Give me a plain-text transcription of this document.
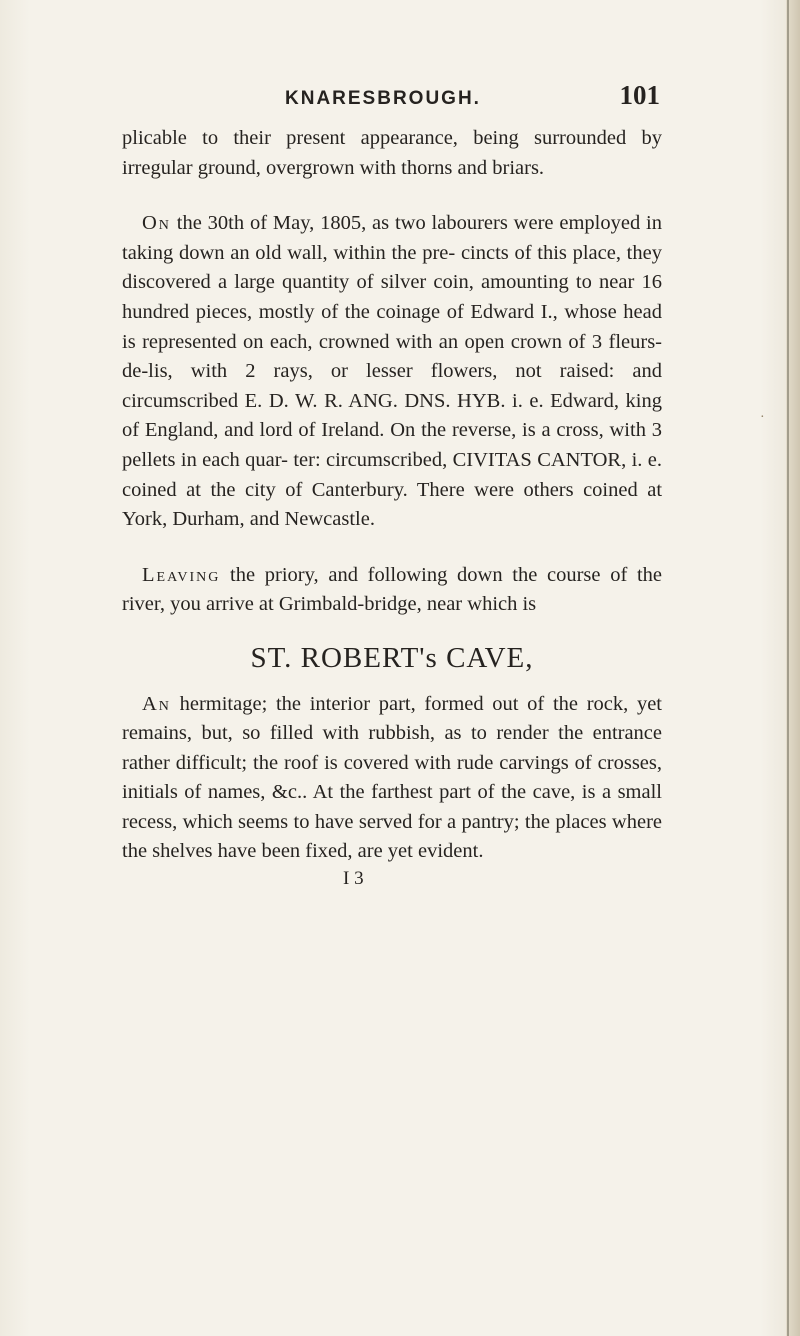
·
KNARESBROUGH.	101

plicable to their present appearance, being surrounded by irregular ground, overgrown with thorns and briars.

On the 30th of May, 1805, as two labourers were employed in taking down an old wall, within the pre- cincts of this place, they discovered a large quantity of silver coin, amounting to near 16 hundred pieces, mostly of the coinage of Edward I., whose head is represented on each, crowned with an open crown of 3 fleurs-de-lis, with 2 rays, or lesser flowers, not raised: and circumscribed E. D. W. R. ANG. DNS. HYB. i. e. Edward, king of England, and lord of Ireland. On the reverse, is a cross, with 3 pellets in each quar- ter: circumscribed, CIVITAS CANTOR, i. e. coined at the city of Canterbury. There were others coined at York, Durham, and Newcastle.

Leaving the priory, and following down the course of the river, you arrive at Grimbald-bridge, near which is

ST. ROBERT's CAVE,

An hermitage; the interior part, formed out of the rock, yet remains, but, so filled with rubbish, as to render the entrance rather difficult; the roof is covered with rude carvings of crosses, initials of names, &c.. At the farthest part of the cave, is a small recess, which seems to have served for a pantry; the places where the shelves have been fixed, are yet evident.

I 3
